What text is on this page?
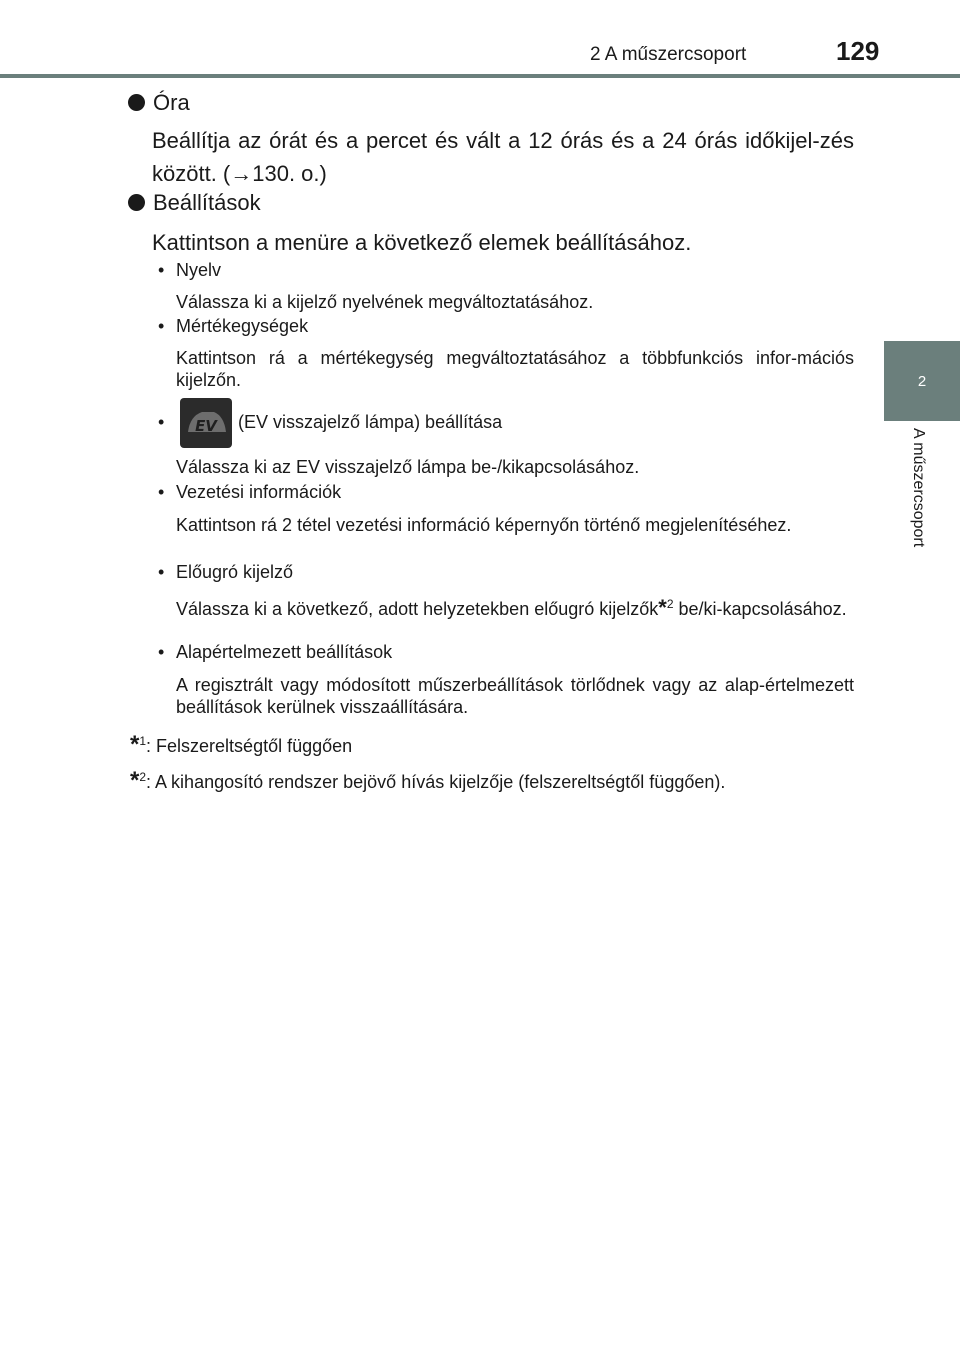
2 A műszercsoport	129
2
A műszercsoport
Óra
Beállítja az órát és a percet és vált a 12 órás és a 24 órás időkijel-zés között. (→130. o.)
Beállítások
Kattintson a menüre a következő elemek beállításához.
• Nyelv
Válassza ki a kijelző nyelvének megváltoztatásához.
• Mértékegységek
Kattintson rá a mértékegység megváltoztatásához a többfunkciós infor-mációs kijelzőn.
• EV (EV visszajelző lámpa) beállítása
Válassza ki az EV visszajelző lámpa be-/kikapcsolásához.
• Vezetési információk
Kattintson rá 2 tétel vezetési információ képernyőn történő megjelenítéséhez.
• Előugró kijelző
Válassza ki a következő, adott helyzetekben előugró kijelzők*$^2$ be/ki-kapcsolásához.
• Alapértelmezett beállítások
A regisztrált vagy módosított műszerbeállítások törlődnek vagy az alap-értelmezett beállítások kerülnek visszaállítására.
*$^1$: Felszereltségtől függően
*$^2$: A kihangosító rendszer bejövő hívás kijelzője (felszereltségtől függően).
